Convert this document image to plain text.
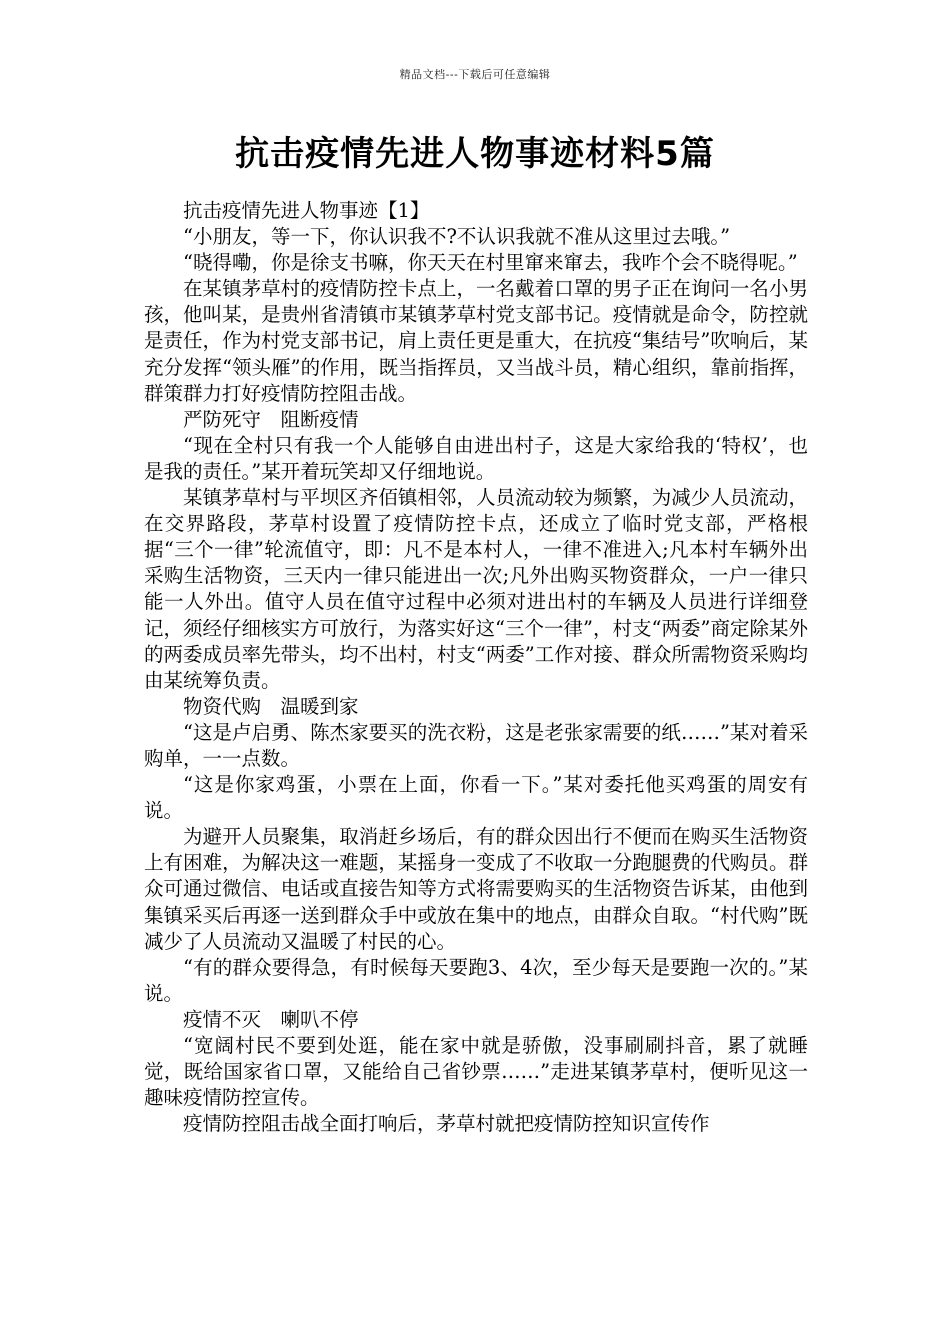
精品文档---下载后可任意编辑
抗击疫情先进人物事迹材料5篇

抗击疫情先进人物事迹【1】

“小朋友，等一下，你认识我不?不认识我就不准从这里过去哦。”

“晓得嘞，你是徐支书嘛，你天天在村里窜来窜去，我咋个会不晓得呢。”

在某镇茅草村的疫情防控卡点上，一名戴着口罩的男子正在询问一名小男孩，他叫某，是贵州省清镇市某镇茅草村党支部书记。疫情就是命令，防控就是责任，作为村党支部书记，肩上责任更是重大，在抗疫“集结号”吹响后，某充分发挥“领头雁”的作用，既当指挥员，又当战斗员，精心组织，靠前指挥，群策群力打好疫情防控阻击战。

严防死守　阻断疫情

“现在全村只有我一个人能够自由进出村子，这是大家给我的‘特权’，也是我的责任。”某开着玩笑却又仔细地说。

某镇茅草村与平坝区齐佰镇相邻，人员流动较为频繁，为减少人员流动，在交界路段，茅草村设置了疫情防控卡点，还成立了临时党支部，严格根据“三个一律”轮流值守，即：凡不是本村人，一律不准进入;凡本村车辆外出采购生活物资，三天内一律只能进出一次;凡外出购买物资群众，一户一律只能一人外出。值守人员在值守过程中必须对进出村的车辆及人员进行详细登记，须经仔细核实方可放行，为落实好这“三个一律”，村支“两委”商定除某外的两委成员率先带头，均不出村，村支“两委”工作对接、群众所需物资采购均由某统筹负责。

物资代购　温暖到家

“这是卢启勇、陈杰家要买的洗衣粉，这是老张家需要的纸……”某对着采购单，一一点数。

“这是你家鸡蛋，小票在上面，你看一下。”某对委托他买鸡蛋的周安有说。

为避开人员聚集，取消赶乡场后，有的群众因出行不便而在购买生活物资上有困难，为解决这一难题，某摇身一变成了不收取一分跑腿费的代购员。群众可通过微信、电话或直接告知等方式将需要购买的生活物资告诉某，由他到集镇采买后再逐一送到群众手中或放在集中的地点，由群众自取。“村代购”既减少了人员流动又温暖了村民的心。

“有的群众要得急，有时候每天要跑3、4次，至少每天是要跑一次的。”某说。

疫情不灭　喇叭不停

“宽阔村民不要到处逛，能在家中就是骄傲，没事刷刷抖音，累了就睡觉，既给国家省口罩，又能给自己省钞票……”走进某镇茅草村，便听见这一趣味疫情防控宣传。

疫情防控阻击战全面打响后，茅草村就把疫情防控知识宣传作
